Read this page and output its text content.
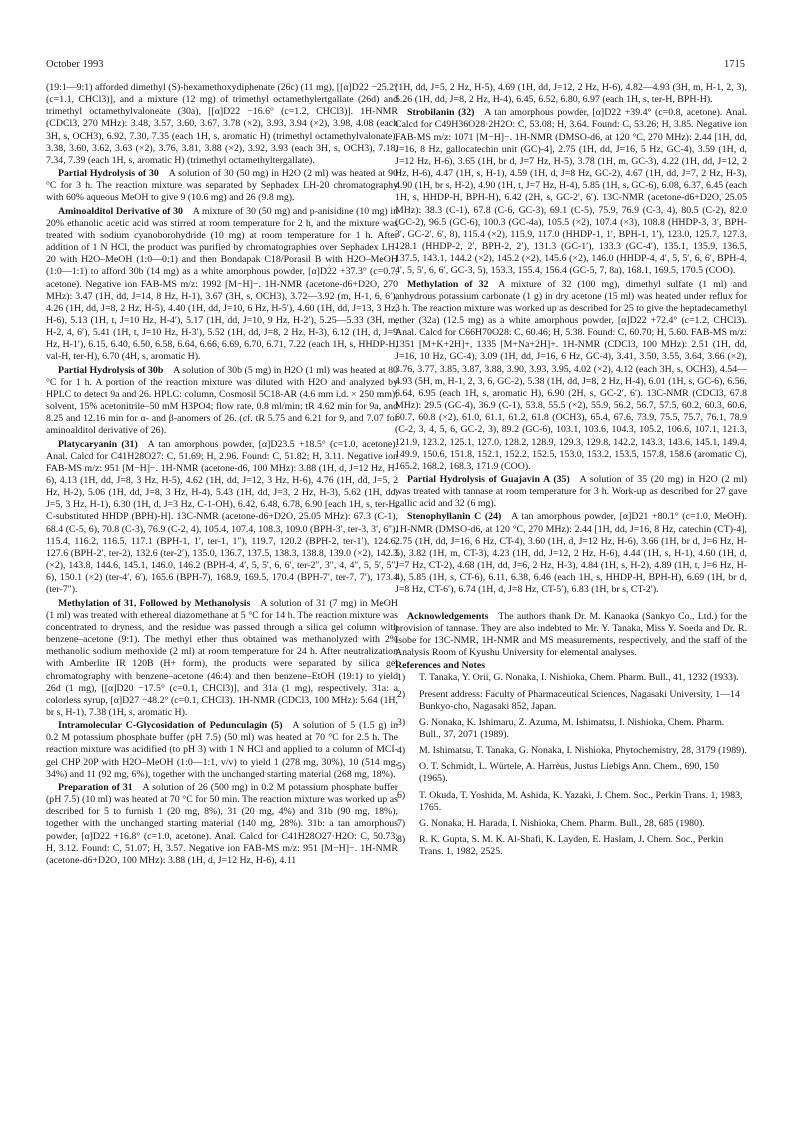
October 1993	1715

(19:1—9:1) afforded dimethyl (S)-hexamethoxydiphenate (26c) (11 mg), [[α]D22 −25.2° (c=1.1, CHCl3)], and a mixture (12 mg) of trimethyl octamethylertgallate (26d) and trimethyl octamethylvaloneate (30a), [[α]D22 −16.6° (c=1.2, CHCl3)]. 1H-NMR (CDCl3, 270 MHz): 3.48, 3.57, 3.60, 3.67, 3.78 (×2), 3.93, 3.94 (×2), 3.98, 4.08 (each 3H, s, OCH3), 6.92, 7.30, 7.35 (each 1H, s, aromatic H) (trimethyl octamethylvalonate), 3.38, 3.60, 3.62, 3.63 (×2), 3.76, 3.81, 3.88 (×2), 3.92, 3.93 (each 3H, s, OCH3), 7.18, 7.34, 7.39 (each 1H, s, aromatic H) (trimethyl octamethyltergallate).

Partial Hydrolysis of 30  A solution of 30 (50 mg) in H2O (2 ml) was heated at 90 °C for 3 h. The reaction mixture was separated by Sephadex LH-20 chromatography with 60% aqueous MeOH to give 9 (10.6 mg) and 26 (9.8 mg).

Aminoalditol Derivative of 30  A mixture of 30 (50 mg) and p-anisidine (10 mg) in 20% ethanolic acetic acid was stirred at room temperature for 2 h, and the mixture was treated with sodium cyanoborohydride (10 mg) at room temperature for 1 h. After addition of 1 N HCl, the product was purified by chromatographies over Sephadex LH-20 with H2O–MeOH (1:0—0:1) and then Bondapak C18/Porasil B with H2O–MeOH (1:0—1:1) to afford 30b (14 mg) as a white amorphous powder, [α]D22 +37.3° (c=0.7, acetone). Negative ion FAB-MS m/z: 1992 [M−H]−. 1H-NMR (acetone-d6+D2O, 270 MHz): 3.47 (1H, dd, J=14, 8 Hz, H-1), 3.67 (3H, s, OCH3), 3.72—3.92 (m, H-1, 6, 6′), 4.26 (1H, dd, J=8, 2 Hz, H-5), 4.40 (1H, dd, J=10, 6 Hz, H-5′), 4.60 (1H, dd, J=13, 3 Hz, H-6), 5.13 (1H, t, J=10 Hz, H-4′), 5.17 (1H, dd, J=10, 9 Hz, H-2′), 5.25—5.33 (3H, m, H-2, 4, 6′), 5.41 (1H, t, J=10 Hz, H-3′), 5.52 (1H, dd, J=8, 2 Hz, H-3), 6.12 (1H, d, J=9 Hz, H-1′), 6.15, 6.40, 6.50, 6.58, 6.64, 6.66, 6.69, 6.70, 6.71, 7.22 (each 1H, s, HHDP-H, val-H, ter-H), 6.70 (4H, s, aromatic H).

Partial Hydrolysis of 30b  A solution of 30b (5 mg) in H2O (1 ml) was heated at 80 °C for 1 h. A portion of the reaction mixture was diluted with H2O and analyzed by HPLC to detect 9a and 26. HPLC: column, Cosmosil 5C18-AR (4.6 mm i.d. × 250 mm); solvent, 15% acetonitrile–50 mM H3PO4; flow rate, 0.8 ml/min; tR 4.62 min for 9a, and 8.25 and 12.16 min for α- and β-anomers of 26. (cf. tR 5.75 and 6.21 for 9, and 7.07 for aminoalditol derivative of 26).

Platycaryanin (31)  A tan amorphous powder, [α]D23.5 +18.5° (c=1.0, acetone). Anal. Calcd for C41H28O27: C, 51.69; H, 2.96. Found: C, 51.82; H, 3.11. Negative ion FAB-MS m/z: 951 [M−H]−. 1H-NMR (acetone-d6, 100 MHz): 3.88 (1H, d, J=12 Hz, H-6), 4.13 (1H, dd, J=8, 3 Hz, H-5), 4.62 (1H, dd, J=12, 3 Hz, H-6), 4.76 (1H, dd, J=5, 2 Hz, H-2), 5.06 (1H, dd, J=8, 3 Hz, H-4), 5.43 (1H, dd, J=3, 2 Hz, H-3), 5.62 (1H, dd, J=5, 3 Hz, H-1), 6.30 (1H, d, J=3 Hz, C-1-OH), 6.42, 6.48, 6.78, 6.90 [each 1H, s, ter-H, C-substituted HHDP (BPH)-H]. 13C-NMR (acetone-d6+D2O, 25.05 MHz): 67.3 (C-1), 68.4 (C-5, 6), 70.8 (C-3), 76.9 (C-2, 4), 105.4, 107.4, 108.3, 109.0 (BPH-3′, ter-3, 3′, 6″), 115.4, 116.2, 116.5, 117.1 (BPH-1, 1′, ter-1, 1″), 119.7, 120.2 (BPH-2, ter-1′), 124.6, 127.6 (BPH-2′, ter-2), 132.6 (ter-2′), 135.0, 136.7, 137.5, 138.3, 138.8, 139.0 (×2), 142.3 (×2), 143.8, 144.6, 145.1, 146.0, 146.2 (BPH-4, 4′, 5, 5′, 6, 6′, ter-2″, 3″, 4, 4″, 5, 5′, 5″, 6), 150.1 (×2) (ter-4′, 6′), 165.6 (BPH-7), 168.9, 169.5, 170.4 (BPH-7′, ter-7, 7′), 173.4 (ter-7″).

Methylation of 31, Followed by Methanolysis  A solution of 31 (7 mg) in MeOH (1 ml) was treated with ethereal diazomethane at 5 °C for 14 h. The reaction mixture was concentrated to dryness, and the residue was passed through a silica gel column with benzene–acetone (9:1). The methyl ether thus obtained was methanolyzed with 2% methanolic sodium methoxide (2 ml) at room temperature for 24 h. After neutralization with Amberlite IR 120B (H+ form), the products were separated by silica gel chromatography with benzene–acetone (46:4) and then benzene–EtOH (19:1) to yield 26d (1 mg), [[α]D20 −17.5° (c=0.1, CHCl3)], and 31a (1 mg), respectively. 31a: a colorless syrup, [α]D27 −48.2° (c=0.1, CHCl3). 1H-NMR (CDCl3, 100 MHz): 5.64 (1H, br s, H-1), 7.38 (1H, s, aromatic H).

Intramolecular C-Glycosidation of Pedunculagin (5)  A solution of 5 (1.5 g) in 0.2 M potassium phosphate buffer (pH 7.5) (50 ml) was heated at 70 °C for 2.5 h. The reaction mixture was acidified (to pH 3) with 1 N HCl and applied to a column of MCI-gel CHP 20P with H2O–MeOH (1:0—1:1, v/v) to yield 1 (278 mg, 30%), 10 (514 mg, 34%) and 11 (92 mg, 6%), together with the unchanged starting material (268 mg, 18%).

Preparation of 31  A solution of 26 (500 mg) in 0.2 M potassium phosphate buffer (pH 7.5) (10 ml) was heated at 70 °C for 50 min. The reaction mixture was worked up as described for 5 to furnish 1 (20 mg, 8%), 31 (20 mg, 4%) and 31b (90 mg, 18%), together with the unchanged starting material (140 mg, 28%). 31b: a tan amorphous powder, [α]D22 +16.8° (c=1.0, acetone). Anal. Calcd for C41H28O27·H2O: C, 50.73; H, 3.12. Found: C, 51.07; H, 3.57. Negative ion FAB-MS m/z: 951 [M−H]−. 1H-NMR (acetone-d6+D2O, 100 MHz): 3.88 (1H, d, J=12 Hz, H-6), 4.11

(1H, dd, J=5, 2 Hz, H-5), 4.69 (1H, dd, J=12, 2 Hz, H-6), 4.82—4.93 (3H, m, H-1, 2, 3), 5.26 (1H, dd, J=8, 2 Hz, H-4), 6.45, 6.52, 6.80, 6.97 (each 1H, s, ter-H, BPH-H).

Strobilanin (32)  A tan amorphous powder, [α]D22 +39.4° (c=0.8, acetone). Anal. Calcd for C49H36O28·2H2O: C, 53.08; H, 3.64. Found: C, 53.26; H, 3.85. Negative ion FAB-MS m/z: 1071 [M−H]−. 1H-NMR (DMSO-d6, at 120 °C, 270 MHz): 2.44 [1H, dd, J=16, 8 Hz, gallocatechin unit (GC)-4], 2.75 (1H, dd, J=16, 5 Hz, GC-4), 3.59 (1H, d, J=12 Hz, H-6), 3.65 (1H, br d, J=7 Hz, H-5), 3.78 (1H, m, GC-3), 4.22 (1H, dd, J=12, 2 Hz, H-6), 4.47 (1H, s, H-1), 4.59 (1H, d, J=8 Hz, GC-2), 4.67 (1H, dd, J=7, 2 Hz, H-3), 4.90 (1H, br s, H-2), 4.90 (1H, t, J=7 Hz, H-4), 5.85 (1H, s, GC-6), 6.08, 6.37, 6.45 (each 1H, s, HHDP-H, BPH-H), 6.42 (2H, s, GC-2′, 6′). 13C-NMR (acetone-d6+D2O, 25.05 MHz): 38.3 (C-1), 67.8 (C-6, GC-3), 69.1 (C-5), 75.9, 76.9 (C-3, 4), 80.5 (C-2), 82.0 (GC-2), 96.5 (GC-6), 100.3 (GC-4a), 105.5 (×2), 107.4 (×3), 108.8 (HHDP-3, 3′, BPH-3′, GC-2′, 6′, 8), 115.4 (×2), 115.9, 117.0 (HHDP-1, 1′, BPH-1, 1′), 123.0, 125.7, 127.3, 128.1 (HHDP-2, 2′, BPH-2, 2′), 131.3 (GC-1′), 133.3 (GC-4′), 135.1, 135.9, 136.5, 137.5, 143.1, 144.2 (×2), 145.2 (×2), 145.6 (×2), 146.0 (HHDP-4, 4′, 5, 5′, 6, 6′, BPH-4, 4′, 5, 5′, 6, 6′, GC-3, 5), 153.3, 155.4, 156.4 (GC-5, 7, 8a), 168.1, 169.5, 170.5 (COO).

Methylation of 32  A mixture of 32 (100 mg), dimethyl sulfate (1 ml) and anhydrous potassium carbonate (1 g) in dry acetone (15 ml) was heated under reflux for 3 h. The reaction mixture was worked up as described for 25 to give the heptadecamethyl ether (32a) (12.5 mg) as a white amorphous powder, [α]D22 +72.4° (c=1.2, CHCl3). Anal. Calcd for C66H70O28: C, 60.46; H, 5.38. Found: C, 60.70; H, 5.60. FAB-MS m/z: 1351 [M+K+2H]+, 1335 [M+Na+2H]+. 1H-NMR (CDCl3, 100 MHz): 2.51 (1H, dd, J=16, 10 Hz, GC-4), 3.09 (1H, dd, J=16, 6 Hz, GC-4), 3.41, 3.50, 3.55, 3.64, 3.66 (×2), 3.76, 3.77, 3.85, 3.87, 3.88, 3.90, 3.93, 3.95, 4.02 (×2), 4.12 (each 3H, s, OCH3), 4.54—4.93 (5H, m, H-1, 2, 3, 6, GC-2), 5.38 (1H, dd, J=8, 2 Hz, H-4), 6.01 (1H, s, GC-6), 6.56, 6.64, 6.95 (each 1H, s, aromatic H), 6.90 (2H, s, GC-2′, 6′). 13C-NMR (CDCl3, 67.8 MHz): 29.5 (GC-4), 36.9 (C-1), 53.8, 55.5 (×2), 55.9, 56.2, 56.7, 57.5, 60.2, 60.3, 60.6, 60.7, 60.8 (×2), 61.0, 61.1, 61.2, 61.8 (OCH3), 65.4, 67.6, 73.9, 75.5, 75.7, 76.1, 78.9 (C-2, 3, 4, 5, 6, GC-2, 3), 89.2 (GC-6), 103.1, 103.6, 104.3, 105.2, 106.6, 107.1, 121.3, 121.9, 123.2, 125.1, 127.0, 128.2, 128.9, 129.3, 129.8, 142.2, 143.3, 143.6, 145.1, 149.4, 149.9, 150.6, 151.8, 152.1, 152.2, 152.5, 153.0, 153.2, 153.5, 157.8, 158.6 (aromatic C), 165.2, 168.2, 168.3, 171.9 (COO).

Partial Hydrolysis of Guajavin A (35)  A solution of 35 (20 mg) in H2O (2 ml) was treated with tannase at room temperature for 3 h. Work-up as described for 27 gave gallic acid and 32 (6 mg).

Stenophyllanin C (24)  A tan amorphous powder, [α]D21 +80.1° (c=1.0, MeOH). 1H-NMR (DMSO-d6, at 120 °C, 270 MHz): 2.44 [1H, dd, J=16, 8 Hz, catechin (CT)-4], 2.75 (1H, dd, J=16, 6 Hz, CT-4), 3.60 (1H, d, J=12 Hz, H-6), 3.66 (1H, br d, J=6 Hz, H-5), 3.82 (1H, m, CT-3), 4.23 (1H, dd, J=12, 2 Hz, H-6), 4.44 (1H, s, H-1), 4.60 (1H, d, J=7 Hz, CT-2), 4.68 (1H, dd, J=6, 2 Hz, H-3), 4.84 (1H, s, H-2), 4.89 (1H, t, J=6 Hz, H-4), 5.85 (1H, s, CT-6), 6.11, 6.38, 6.46 (each 1H, s, HHDP-H, BPH-H), 6.69 (1H, br d, J=8 Hz, CT-6′), 6.74 (1H, d, J=8 Hz, CT-5′), 6.83 (1H, br s, CT-2′).

Acknowledgements  The authors thank Dr. M. Kanaoka (Sankyo Co., Ltd.) for the provision of tannase. They are also indebted to Mr. Y. Tanaka, Miss Y. Soeda and Dr. R. Isobe for 13C-NMR, 1H-NMR and MS measurements, respectively, and the staff of the Analysis Room of Kyushu University for elemental analyses.

References and Notes

1)	T. Tanaka, Y. Orii, G. Nonaka, I. Nishioka, Chem. Pharm. Bull., 41, 1232 (1933).
2)	Present address: Faculty of Pharmaceutical Sciences, Nagasaki University, 1—14 Bunkyo-cho, Nagasaki 852, Japan.
3)	G. Nonaka, K. Ishimaru, Z. Azuma, M. Ishimatsu, I. Nishioka, Chem. Pharm. Bull., 37, 2071 (1989).
4)	M. Ishimatsu, T. Tanaka, G. Nonaka, I. Nishioka, Phytochemistry, 28, 3179 (1989).
5)	O. T. Schmidt, L. Würtele, A. Harrèus, Justus Liebigs Ann. Chem., 690, 150 (1965).
6)	T. Okuda, T. Yoshida, M. Ashida, K. Yazaki, J. Chem. Soc., Perkin Trans. 1, 1983, 1765.
7)	G. Nonaka, H. Harada, I. Nishioka, Chem. Pharm. Bull., 28, 685 (1980).
8)	R. K. Gupta, S. M. K. Al-Shafi, K. Layden, E. Haslam, J. Chem. Soc., Perkin Trans. 1, 1982, 2525.
